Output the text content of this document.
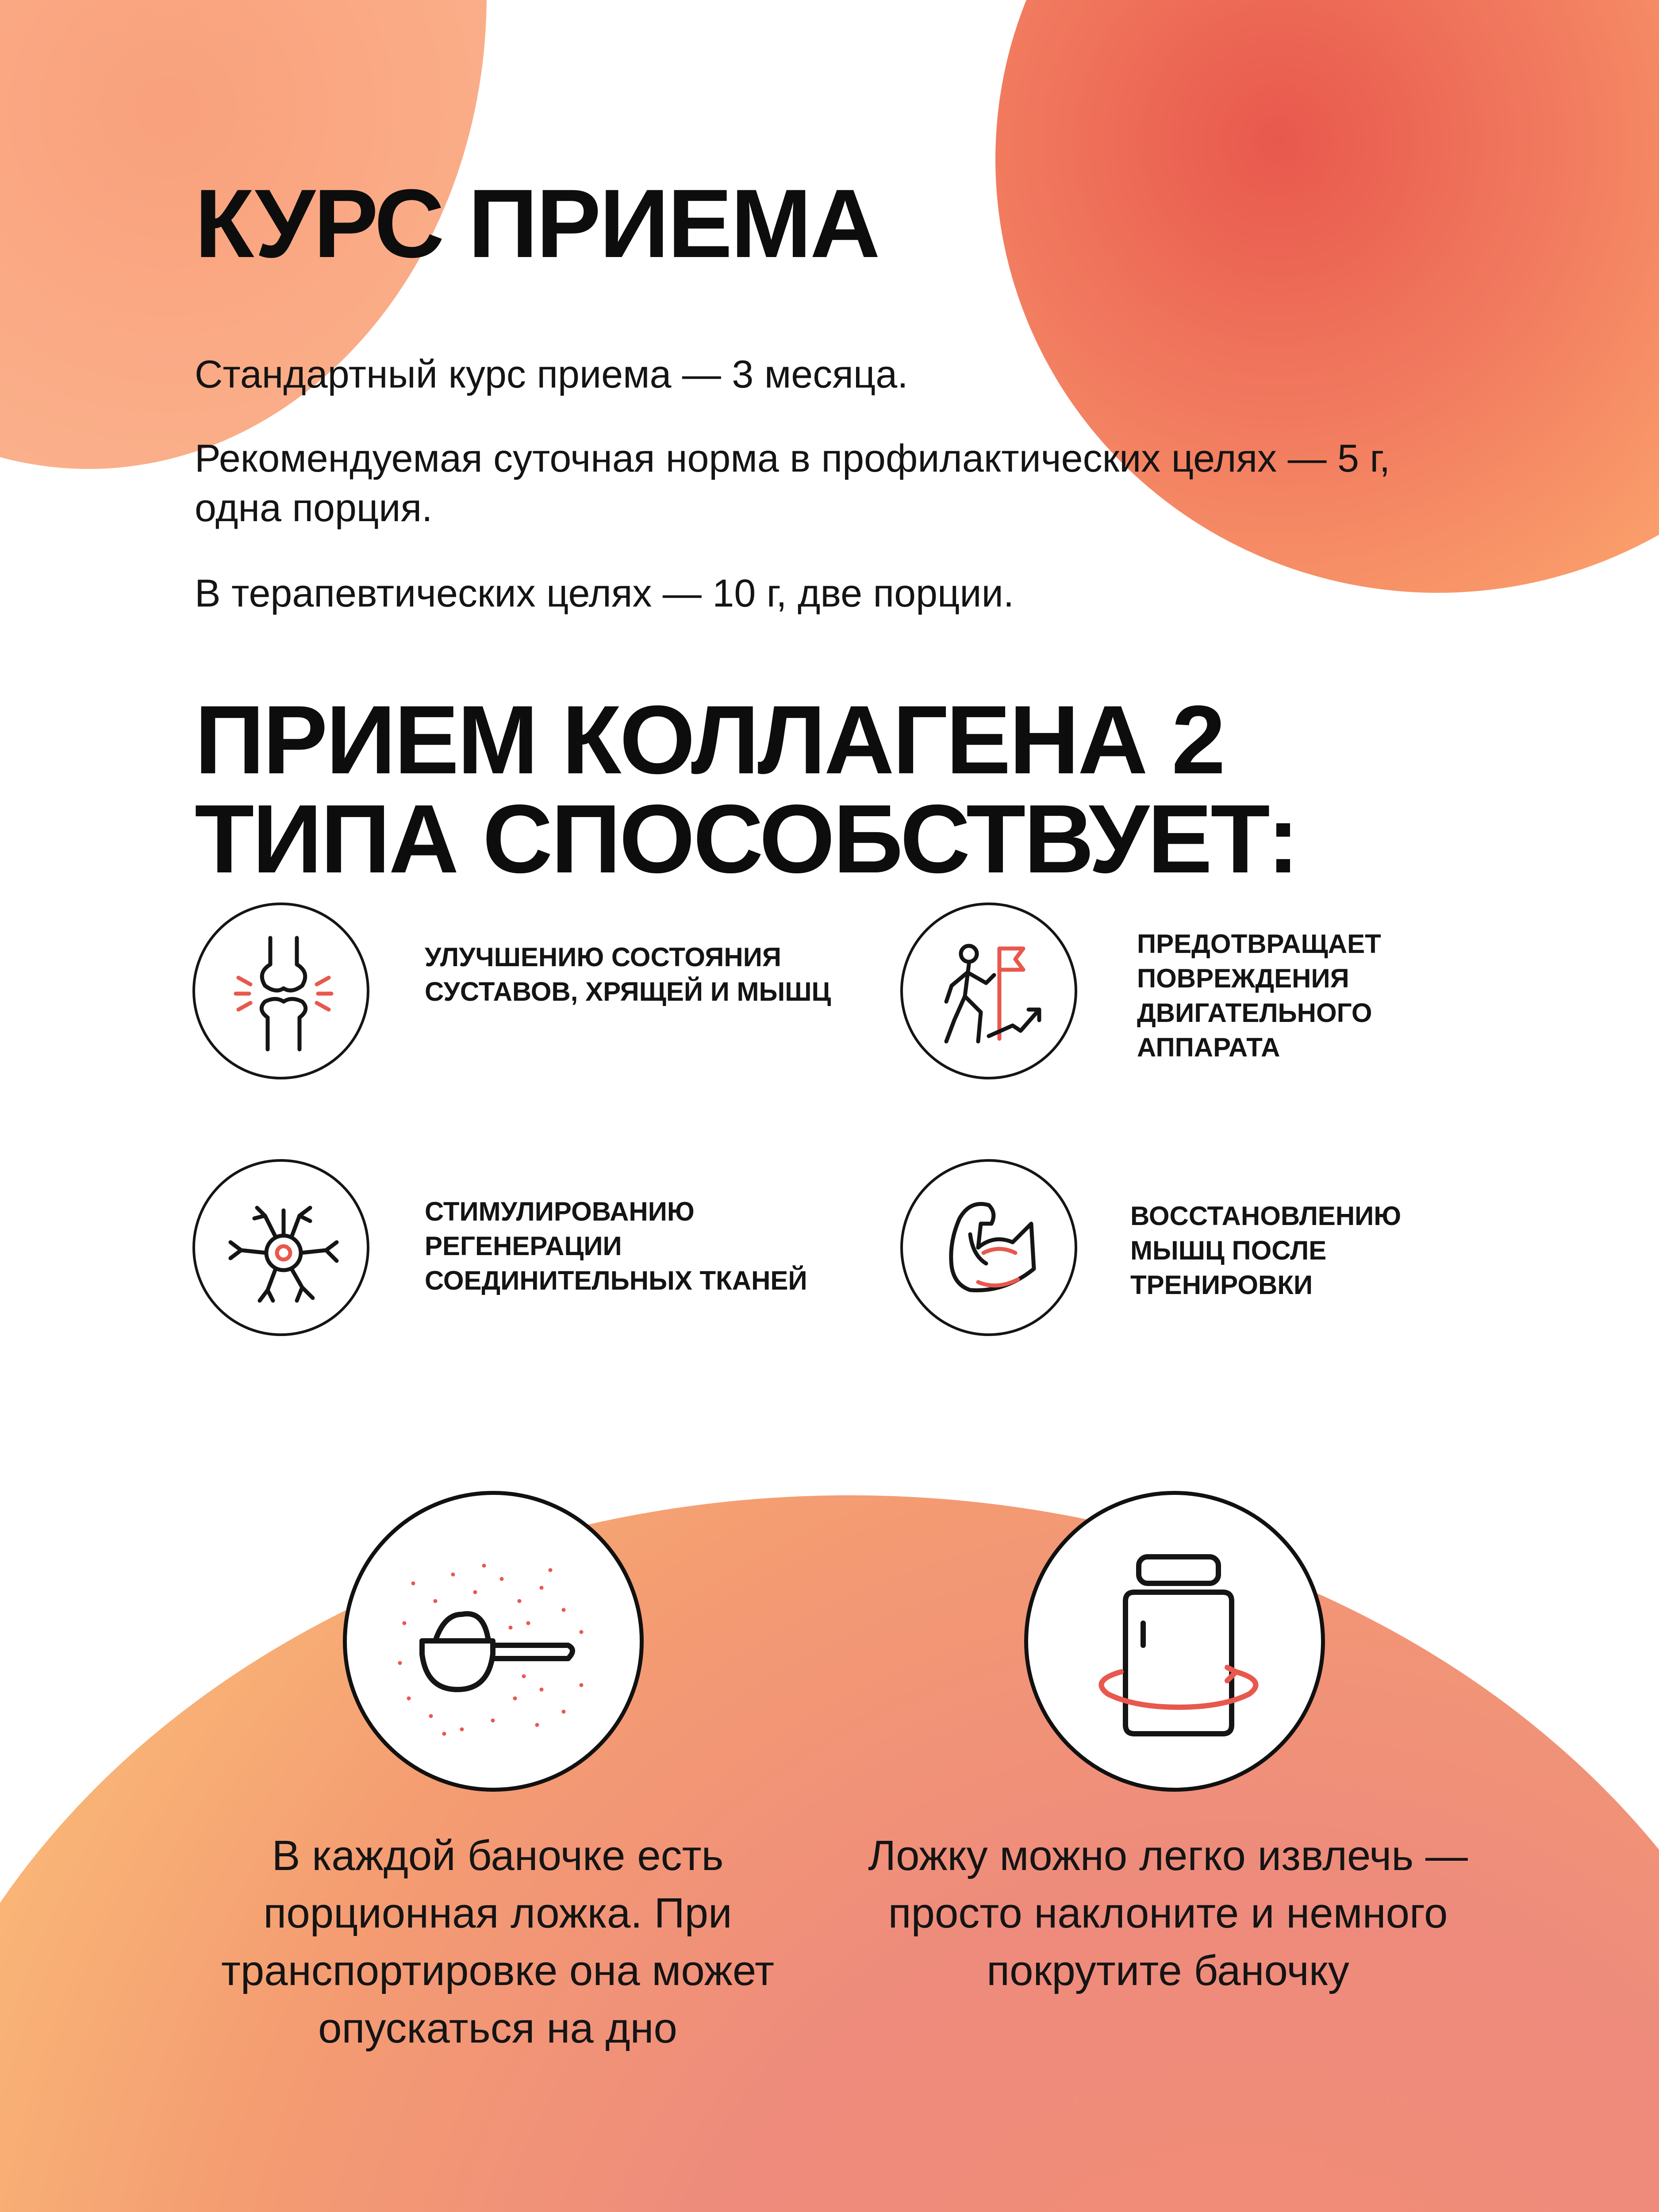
КУРС ПРИЕМА

Стандартный курс приема — 3 месяца.

Рекомендуемая суточная норма в профилактических целях — 5 г, одна порция.

В терапевтических целях — 10 г, две порции.

ПРИЕМ КОЛЛАГЕНА 2 ТИПА СПОСОБСТВУЕТ:

УЛУЧШЕНИЮ СОСТОЯНИЯ СУСТАВОВ, ХРЯЩЕЙ И МЫШЦ

ПРЕДОТВРАЩАЕТ ПОВРЕЖДЕНИЯ ДВИГАТЕЛЬНОГО АППАРАТА

СТИМУЛИРОВАНИЮ РЕГЕНЕРАЦИИ СОЕДИНИТЕЛЬНЫХ ТКАНЕЙ

ВОССТАНОВЛЕНИЮ МЫШЦ ПОСЛЕ ТРЕНИРОВКИ

В каждой баночке есть порционная ложка. При транспортировке она может опускаться на дно

Ложку можно легко извлечь — просто наклоните и немного покрутите баночку
